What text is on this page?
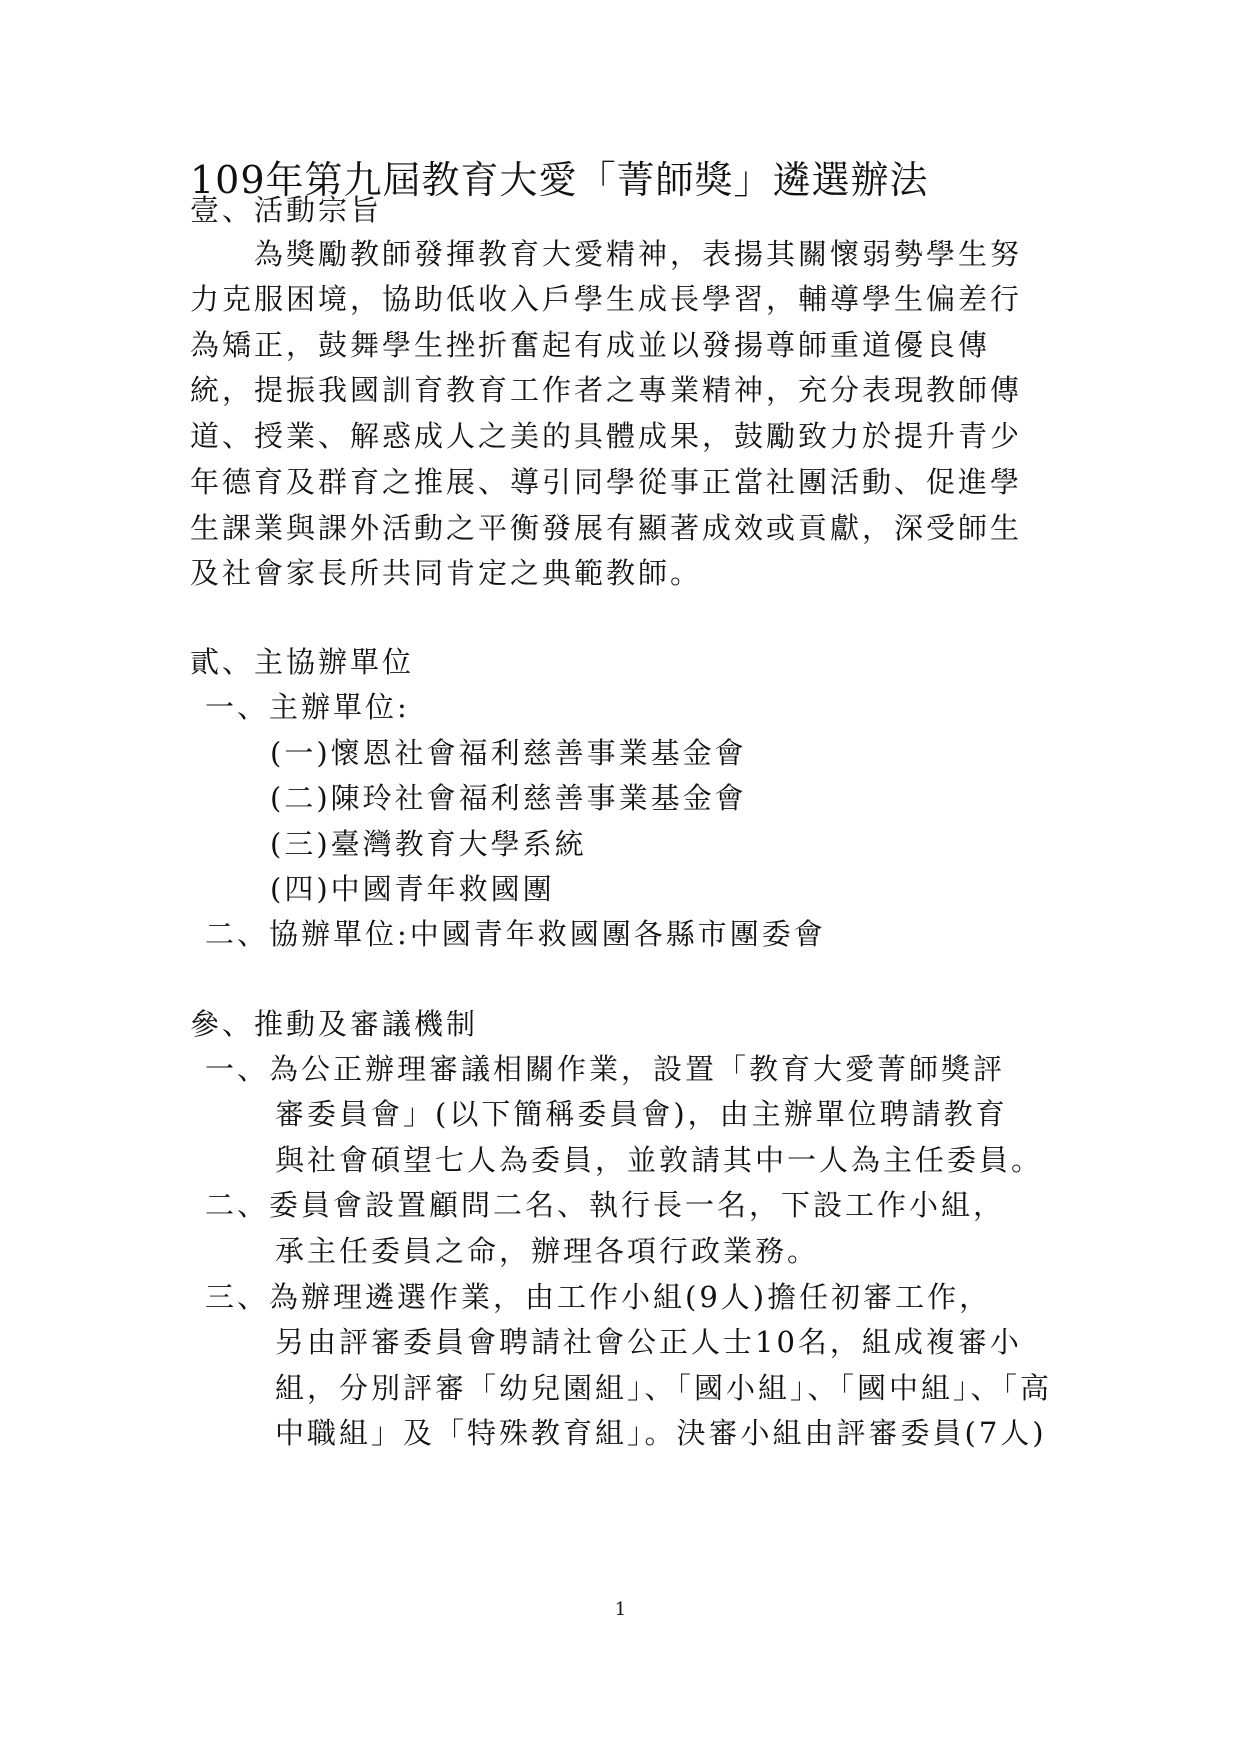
109年第九屆教育大愛「菁師獎」遴選辦法
壹、活動宗旨
　　為獎勵教師發揮教育大愛精神，表揚其關懷弱勢學生努
力克服困境，協助低收入戶學生成長學習，輔導學生偏差行
為矯正，鼓舞學生挫折奮起有成並以發揚尊師重道優良傳
統，提振我國訓育教育工作者之專業精神，充分表現教師傳
道、授業、解惑成人之美的具體成果，鼓勵致力於提升青少
年德育及群育之推展、導引同學從事正當社團活動、促進學
生課業與課外活動之平衡發展有顯著成效或貢獻，深受師生
及社會家長所共同肯定之典範教師。
貳、主協辦單位
一、主辦單位:
(一)懷恩社會福利慈善事業基金會
(二)陳玲社會福利慈善事業基金會
(三)臺灣教育大學系統
(四)中國青年救國團
二、協辦單位:中國青年救國團各縣市團委會
參、推動及審議機制
一、為公正辦理審議相關作業，設置「教育大愛菁師獎評
審委員會」(以下簡稱委員會)，由主辦單位聘請教育
與社會碩望七人為委員，並敦請其中一人為主任委員。
二、委員會設置顧問二名、執行長一名，下設工作小組，
承主任委員之命，辦理各項行政業務。
三、為辦理遴選作業，由工作小組(9人)擔任初審工作，
另由評審委員會聘請社會公正人士10名，組成複審小
組，分別評審「幼兒園組」、「國小組」、「國中組」、「高
中職組」及「特殊教育組」。決審小組由評審委員(7人)
1
